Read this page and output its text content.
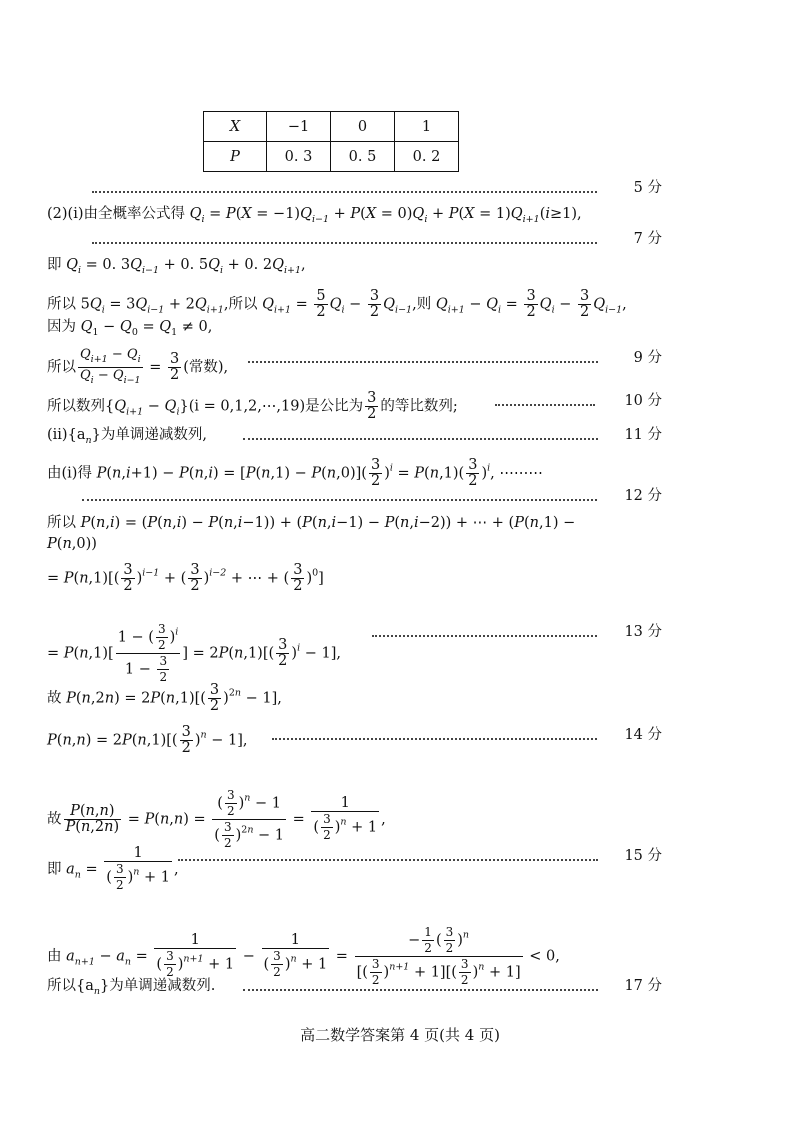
X	−1	0	1
P	0. 3	0. 5	0. 2
5 分
(2)(ⅰ)由全概率公式得 $Q_i = P(X = -1)Q_{i-1} + P(X = 0)Q_i + P(X = 1)Q_{i+1}(i\ge 1)$,
7 分
即 $Q_i = 0$. $3Q_{i-1} + 0$. $5Q_i + 0$. $2Q_{i+1}$,
所以 $5Q_i = 3Q_{i-1} + 2Q_{i+1}$,所以 $Q_{i+1} = \frac{5}{2} Q_i - \frac{3}{2} Q_{i-1}$,则 $Q_{i+1} - Q_i = \frac{3}{2} Q_i - \frac{3}{2} Q_{i-1}$,
因为 $Q_1 - Q_0 = Q_1 \ne 0$,
所以 $\frac{Q_{i+1} - Q_i}{Q_i - Q_{i-1}} = \frac{3}{2}$ (常数),
9 分
所以数列$\{Q_{i+1} - Q_i\}(i$ = 0,1,2,⋯,19)是公比为 $\frac{3}{2}$ 的等比数列;	10 分
$(ⅱ)\{a_n\}$为单调递减数列,	11 分
由(ⅰ)得 $P(n,i+1) - P(n,i) = [P(n,1) - P(n,0)]( \frac{3}{2} )^i = P(n,1)( \frac{3}{2} )^i$, ⋯⋯⋯
12 分
所以 P(n,i) = (P(n,i) − P(n,i−1)) + (P(n,i−1) − P(n,i−2)) + ⋯ + (P(n,1) −
P(n,0))
= $P(n,1)[( \frac{3}{2} )^{i-1}$ + ( $\frac{3}{2} )^{i-2}$ + ⋯ + ( $\frac{3}{2} )^0$]
= $P(n,1)[ \frac{1 - ( \frac{3}{2} )^i}{1 - \frac{3}{2}}$ ] = $2P(n,1)[( \frac{3}{2} )^i - 1]$,
13 分
故 $P(n,2n) = 2P(n,1)[( \frac{3}{2} )^{2n} - 1]$,
$P(n,n) = 2P(n,1)[( \frac{3}{2} )^n - 1]$,	14 分
故 $\frac{P(n,n)}{P(n,2n)} = P(n,n) = \frac{( \frac{3}{2} )^n - 1}{( \frac{3}{2} )^{2n} - 1} = \frac{1}{( \frac{3}{2} )^n + 1}$ ,
即 $a_n = \frac{1}{( \frac{3}{2} )^n + 1}$ ,
15 分
由 $a_{n+1} - a_n = \frac{1}{( \frac{3}{2} )^{n+1} + 1} - \frac{1}{( \frac{3}{2} )^n + 1} = \frac{- \frac{1}{2} ( \frac{3}{2} )^n}{[( \frac{3}{2} )^{n+1} + 1][( \frac{3}{2} )^n + 1]} < 0$,
所以$\{a_n\}$为单调递减数列.	17 分
高二数学答案第 4 页(共 4 页)
